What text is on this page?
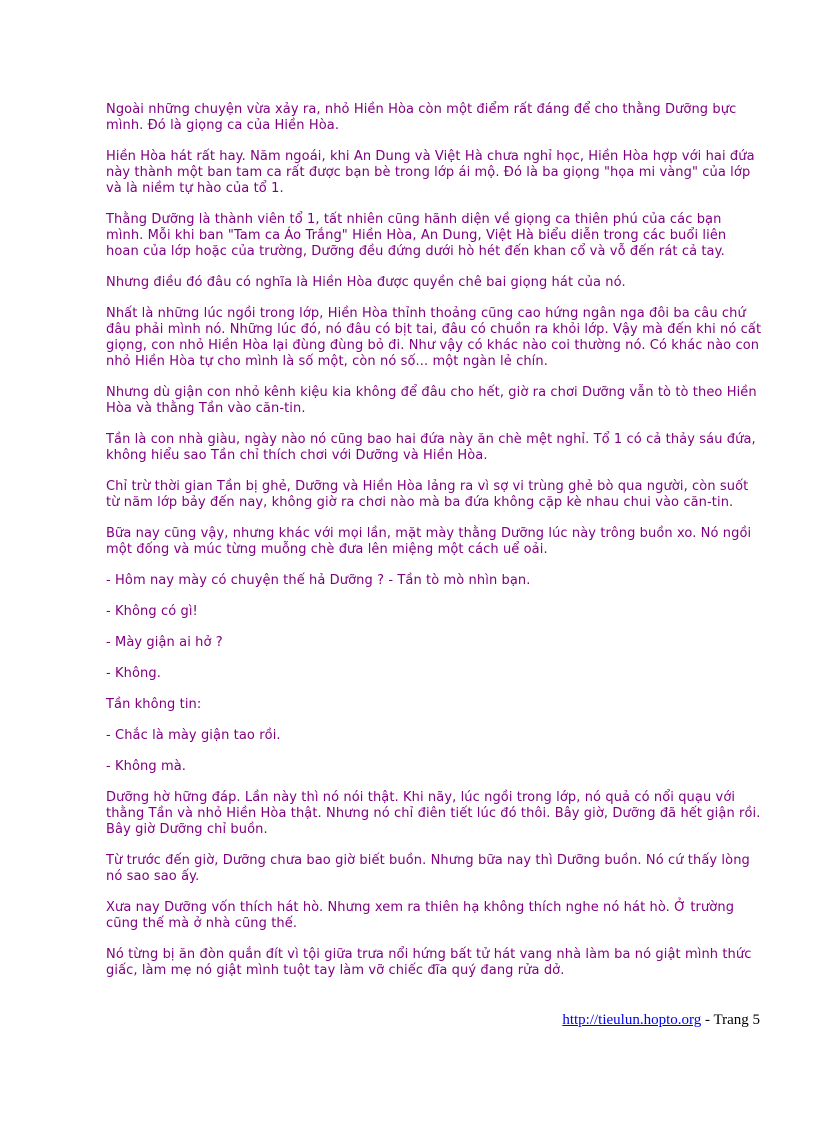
Ngoài những chuyện vừa xảy ra, nhỏ Hiền Hòa còn một điểm rất đáng để cho thằng Dưỡng bực mình. Đó là giọng ca của Hiền Hòa.

Hiền Hòa hát rất hay. Năm ngoái, khi An Dung và Việt Hà chưa nghỉ học, Hiền Hòa hợp với hai đứa này thành một ban tam ca rất được bạn bè trong lớp ái mộ. Đó là ba giọng "họa mi vàng" của lớp và là niềm tự hào của tổ 1.

Thằng Dưỡng là thành viên tổ 1, tất nhiên cũng hãnh diện về giọng ca thiên phú của các bạn mình. Mỗi khi ban "Tam ca Áo Trắng" Hiền Hòa, An Dung, Việt Hà biểu diễn trong các buổi liên hoan của lớp hoặc của trường, Dưỡng đều đứng dưới hò hét đến khan cổ và vỗ đến rát cả tay.

Nhưng điều đó đâu có nghĩa là Hiền Hòa được quyền chê bai giọng hát của nó.

Nhất là những lúc ngồi trong lớp, Hiền Hòa thỉnh thoảng cũng cao hứng ngân nga đôi ba câu chứ đâu phải mình nó. Những lúc đó, nó đâu có bịt tai, đâu có chuồn ra khỏi lớp. Vậy mà đến khi nó cất giọng, con nhỏ Hiền Hòa lại đùng đùng bỏ đi. Như vậy có khác nào coi thường nó. Có khác nào con nhỏ Hiền Hòa tự cho mình là số một, còn nó số... một ngàn lẻ chín.

Nhưng dù giận con nhỏ kênh kiệu kia không để đâu cho hết, giờ ra chơi Dưỡng vẫn tò tò theo Hiền Hòa và thằng Tần vào căn-tin.

Tần là con nhà giàu, ngày nào nó cũng bao hai đứa này ăn chè mệt nghỉ. Tổ 1 có cả thảy sáu đứa, không hiểu sao Tần chỉ thích chơi với Dưỡng và Hiền Hòa.

Chỉ trừ thời gian Tần bị ghẻ, Dưỡng và Hiền Hòa lảng ra vì sợ vi trùng ghẻ bò qua người, còn suốt từ năm lớp bảy đến nay, không giờ ra chơi nào mà ba đứa không cặp kè nhau chui vào căn-tin.

Bữa nay cũng vậy, nhưng khác với mọi lần, mặt mày thằng Dưỡng lúc này trông buồn xo. Nó ngồi một đống và múc từng muỗng chè đưa lên miệng một cách uể oải.

- Hôm nay mày có chuyện thế hả Dưỡng ? - Tần tò mò nhìn bạn.

- Không có gì!

- Mày giận ai hở ?

- Không.

Tần không tin:

- Chắc là mày giận tao rồi.

- Không mà.

Dưỡng hờ hững đáp. Lần này thì nó nói thật. Khi nãy, lúc ngồi trong lớp, nó quả có nổi quạu với thằng Tần và nhỏ Hiền Hòa thật. Nhưng nó chỉ điên tiết lúc đó thôi. Bây giờ, Dưỡng đã hết giận rồi. Bây giờ Dưỡng chỉ buồn.

Từ trước đến giờ, Dưỡng chưa bao giờ biết buồn. Nhưng bữa nay thì Dưỡng buồn. Nó cứ thấy lòng nó sao sao ấy.

Xưa nay Dưỡng vốn thích hát hò. Nhưng xem ra thiên hạ không thích nghe nó hát hò. Ở trường cũng thế mà ở nhà cũng thế.

Nó từng bị ăn đòn quắn đít vì tội giữa trưa nổi hứng bất tử hát vang nhà làm ba nó giật mình thức giấc, làm mẹ nó giật mình tuột tay làm vỡ chiếc đĩa quý đang rửa dở.

http://tieulun.hopto.org - Trang 5
